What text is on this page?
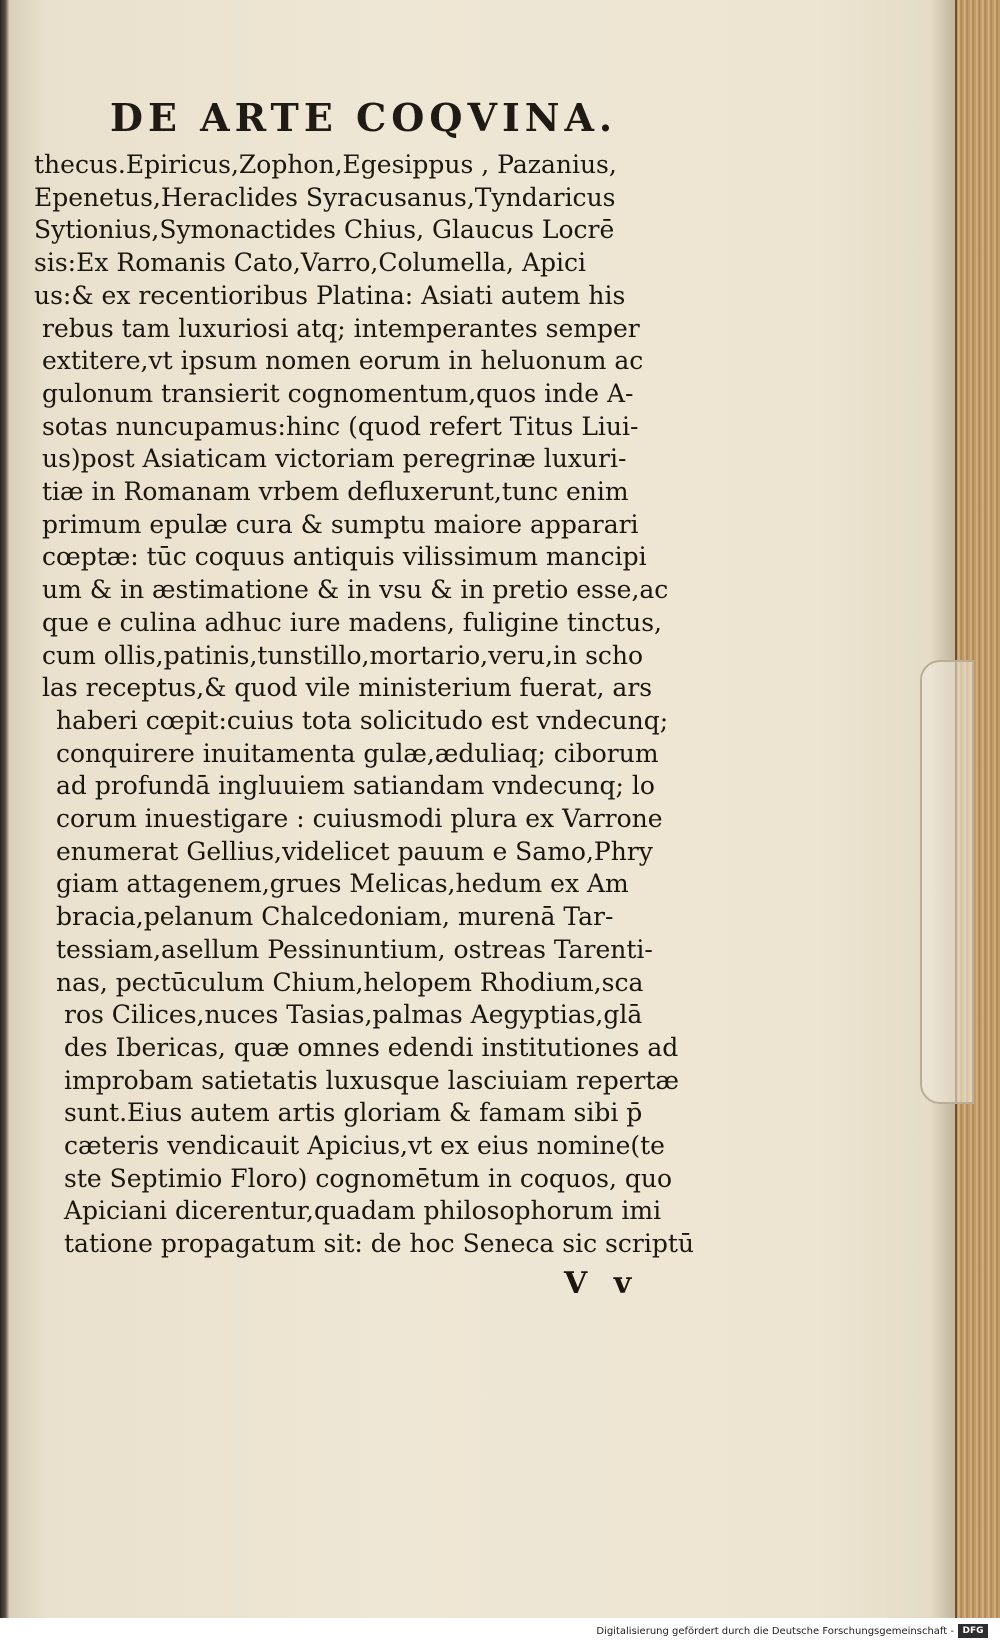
DE ARTE COQVINA.
thecus.Epiricus,Zophon,Egesippus , Pazanius,
Epenetus,Heraclides Syracusanus,Tyndaricus
Sytionius,Symonactides Chius, Glaucus Locrē
sis:Ex Romanis Cato,Varro,Columella, Apici
us:& ex recentioribus Platina: Asiati autem his
rebus tam luxuriosi atq; intemperantes semper
extitere,vt ipsum nomen eorum in heluonum ac
gulonum transierit cognomentum,quos inde A-
sotas nuncupamus:hinc (quod refert Titus Liui-
us)post Asiaticam victoriam peregrinæ luxuri-
tiæ in Romanam vrbem defluxerunt,tunc enim
primum epulæ cura & sumptu maiore apparari
cœptæ: tūc coquus antiquis vilissimum mancipi
um & in æstimatione & in vsu & in pretio esse,ac
que e culina adhuc iure madens, fuligine tinctus,
cum ollis,patinis,tunstillo,mortario,veru,in scho
las receptus,& quod vile ministerium fuerat, ars
haberi cœpit:cuius tota solicitudo est vndecunq;
conquirere inuitamenta gulæ,æduliaq; ciborum
ad profundā ingluuiem satiandam vndecunq; lo
corum inuestigare : cuiusmodi plura ex Varrone
enumerat Gellius,videlicet pauum e Samo,Phry
giam attagenem,grues Melicas,hedum ex Am
bracia,pelanum Chalcedoniam, murenā Tar-
tessiam,asellum Pessinuntium, ostreas Tarenti-
nas, pectūculum Chium,helopem Rhodium,sca
ros Cilices,nuces Tasias,palmas Aegyptias,glā
des Ibericas, quæ omnes edendi institutiones ad
improbam satietatis luxusque lasciuiam repertæ
sunt.Eius autem artis gloriam & famam sibi p̄
cæteris vendicauit Apicius,vt ex eius nomine(te
ste Septimio Floro) cognomētum in coquos, quo
Apiciani dicerentur,quadam philosophorum imi
tatione propagatum sit: de hoc Seneca sic scriptū
V v
Digitalisierung gefördert durch die Deutsche Forschungsgemeinschaft - DFG
